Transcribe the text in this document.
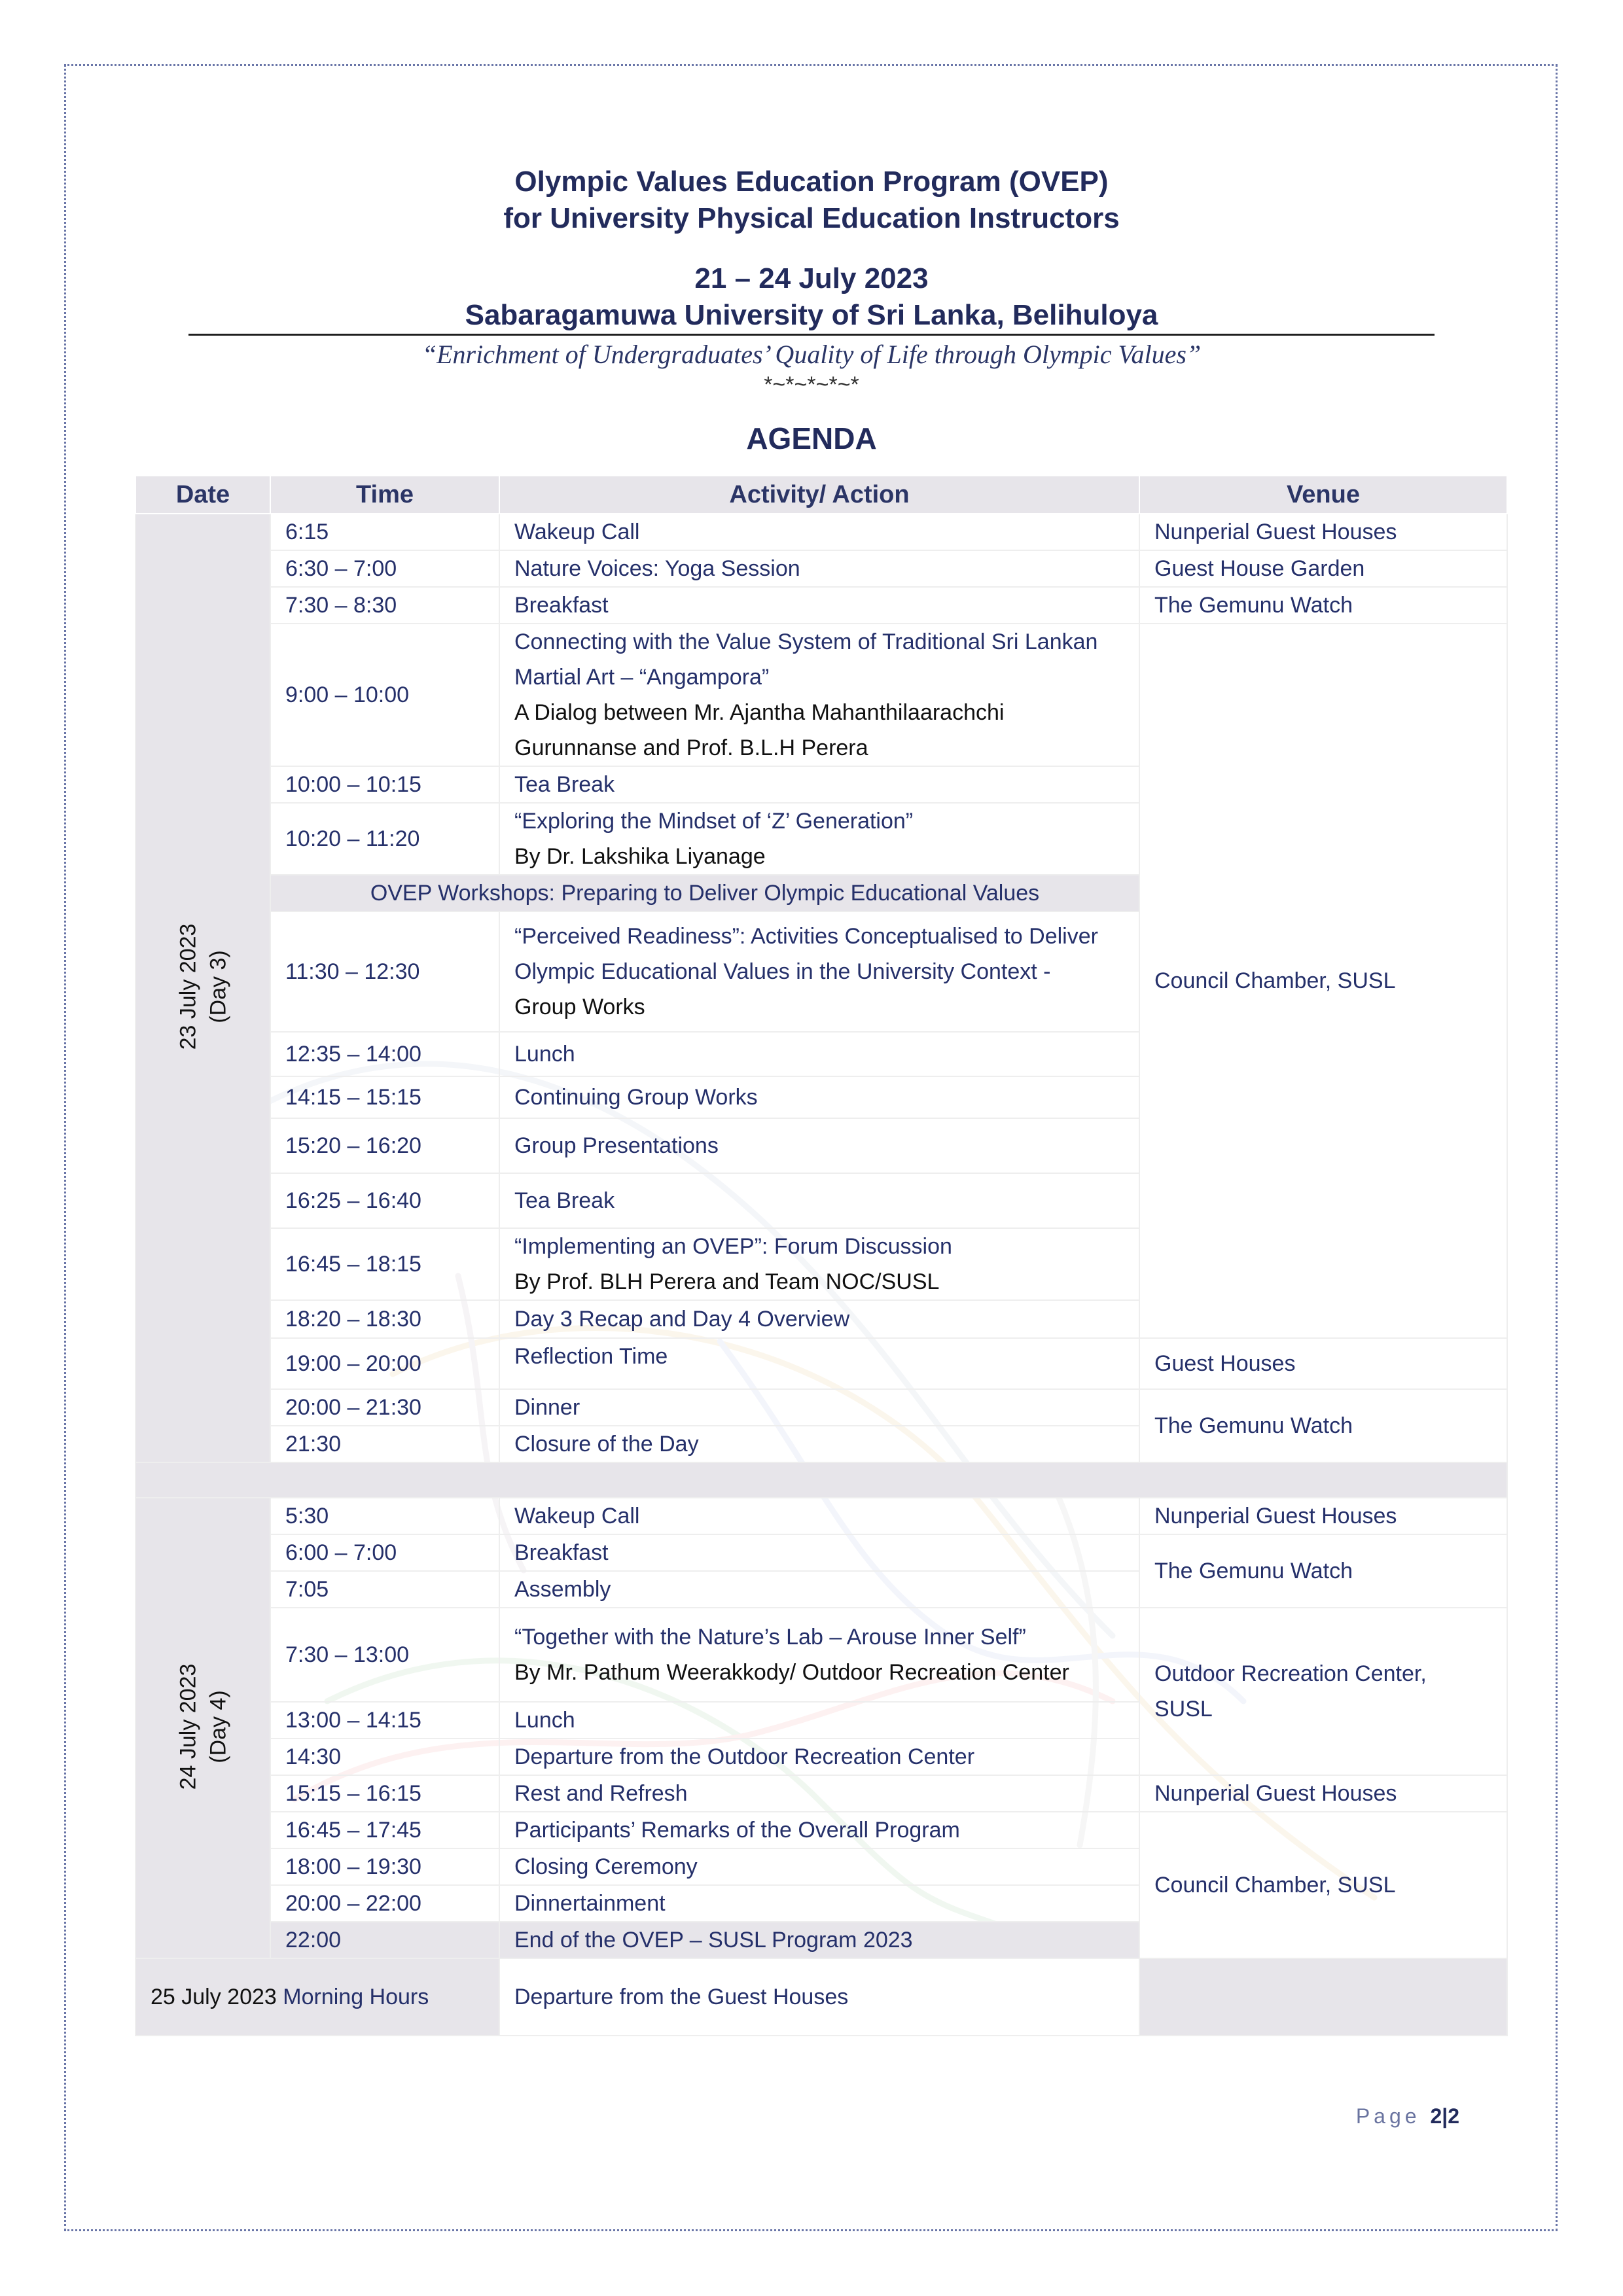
Olympic Values Education Program (OVEP)
for University Physical Education Instructors
21 – 24 July 2023
Sabaragamuwa University of Sri Lanka, Belihuloya
“Enrichment of Undergraduates’ Quality of Life through Olympic Values”
*~*~*~*~*
AGENDA
Date	Time	Activity/ Action	Venue

23 July 2023 (Day 3)	6:15	Wakeup Call	Nunperial Guest Houses
	6:30 – 7:00	Nature Voices: Yoga Session	Guest House Garden
	7:30 – 8:30	Breakfast	The Gemunu Watch
	9:00 – 10:00	Connecting with the Value System of Traditional Sri Lankan
Martial Art – “Angampora”
A Dialog between Mr. Ajantha Mahanthilaarachchi
Gurunnanse and Prof. B.L.H Perera	Council Chamber, SUSL
	10:00 – 10:15	Tea Break	
	10:20 – 11:20	“Exploring the Mindset of ‘Z’ Generation”
By Dr. Lakshika Liyanage	

	OVEP Workshops: Preparing to Deliver Olympic Educational Values		
	11:30 – 12:30	“Perceived Readiness”: Activities Conceptualised to Deliver
Olympic Educational Values in the University Context -
Group Works	

	12:35 – 14:00	Lunch	
	14:15 – 15:15	Continuing Group Works	
	15:20 – 16:20	Group Presentations	
	16:25 – 16:40	Tea Break	
	16:45 – 18:15	“Implementing an OVEP”: Forum Discussion
By Prof. BLH Perera and Team NOC/SUSL	

	18:20 – 18:30	Day 3 Recap and Day 4 Overview	
	19:00 – 20:00	Reflection Time	Guest Houses
	20:00 – 21:30	Dinner	The Gemunu Watch
	21:30	Closure of the Day	

24 July 2023 (Day 4)	5:30	Wakeup Call	Nunperial Guest Houses
	6:00 – 7:00	Breakfast	The Gemunu Watch
	7:05	Assembly	
	7:30 – 13:00	“Together with the Nature’s Lab – Arouse Inner Self”
By Mr. Pathum Weerakkody/ Outdoor Recreation Center	Outdoor Recreation Center,
SUSL

	13:00 – 14:15	Lunch	
	14:30	Departure from the Outdoor Recreation Center	
	15:15 – 16:15	Rest and Refresh	Nunperial Guest Houses
	16:45 – 17:45	Participants’ Remarks of the Overall Program	Council Chamber, SUSL
	18:00 – 19:30	Closing Ceremony	
	20:00 – 22:00	Dinnertainment	
	22:00	End of the OVEP – SUSL Program 2023	
25 July 2023 Morning Hours		Departure from the Guest Houses	
Page 2|2
